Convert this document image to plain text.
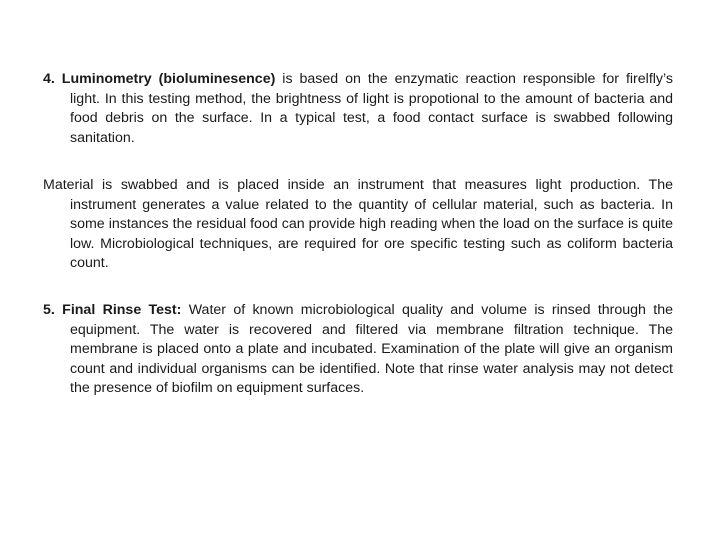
4. Luminometry (bioluminesence) is based on the enzymatic reaction responsible for firelfly’s light. In this testing method, the brightness of light is propotional to the amount of bacteria and food debris on the surface. In a typical test, a food contact surface is swabbed following sanitation.

Material is swabbed and is placed inside an instrument that measures light production. The instrument generates a value related to the quantity of cellular material, such as bacteria. In some instances the residual food can provide high reading when the load on the surface is quite low. Microbiological techniques, are required for ore specific testing such as coliform bacteria count.

5. Final Rinse Test: Water of known microbiological quality and volume is rinsed through the equipment. The water is recovered and filtered via membrane filtration technique. The membrane is placed onto a plate and incubated. Examination of the plate will give an organism count and individual organisms can be identified. Note that rinse water analysis may not detect the presence of biofilm on equipment surfaces.
